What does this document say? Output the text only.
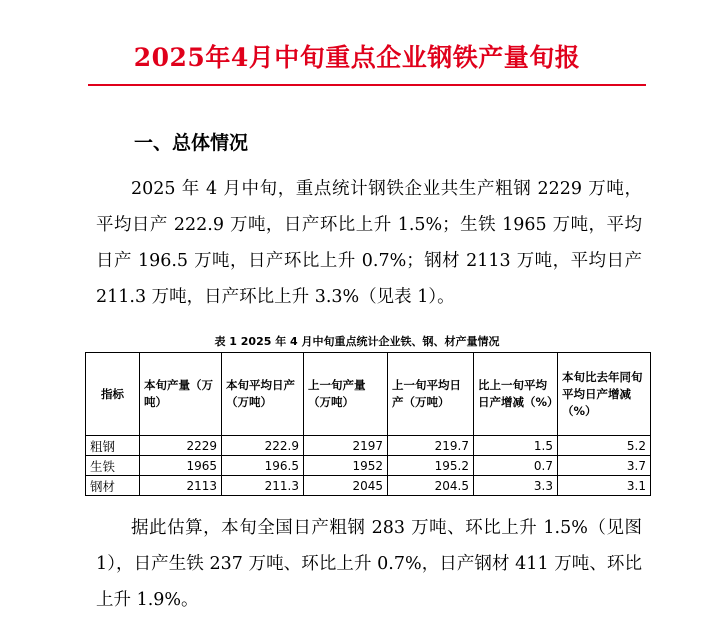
2025年4月中旬重点企业钢铁产量旬报
一、总体情况

2025 年 4 月中旬，重点统计钢铁企业共生产粗钢 2229 万吨，平均日产 222.9 万吨，日产环比上升 1.5%；生铁 1965 万吨，平均日产 196.5 万吨，日产环比上升 0.7%；钢材 2113 万吨，平均日产 211.3 万吨，日产环比上升 3.3%（见表 1）。

表 1 2025 年 4 月中旬重点统计企业铁、钢、材产量情况
指标	本旬产量（万吨）	本旬平均日产（万吨）	上一旬产量（万吨）	上一旬平均日产（万吨）	比上一旬平均日产增减（%）	本旬比去年同旬平均日产增减（%）
粗钢	2229	222.9	2197	219.7	1.5	5.2
生铁	1965	196.5	1952	195.2	0.7	3.7
钢材	2113	211.3	2045	204.5	3.3	3.1

据此估算，本旬全国日产粗钢 283 万吨、环比上升 1.5%（见图 1），日产生铁 237 万吨、环比上升 0.7%，日产钢材 411 万吨、环比上升 1.9%。
